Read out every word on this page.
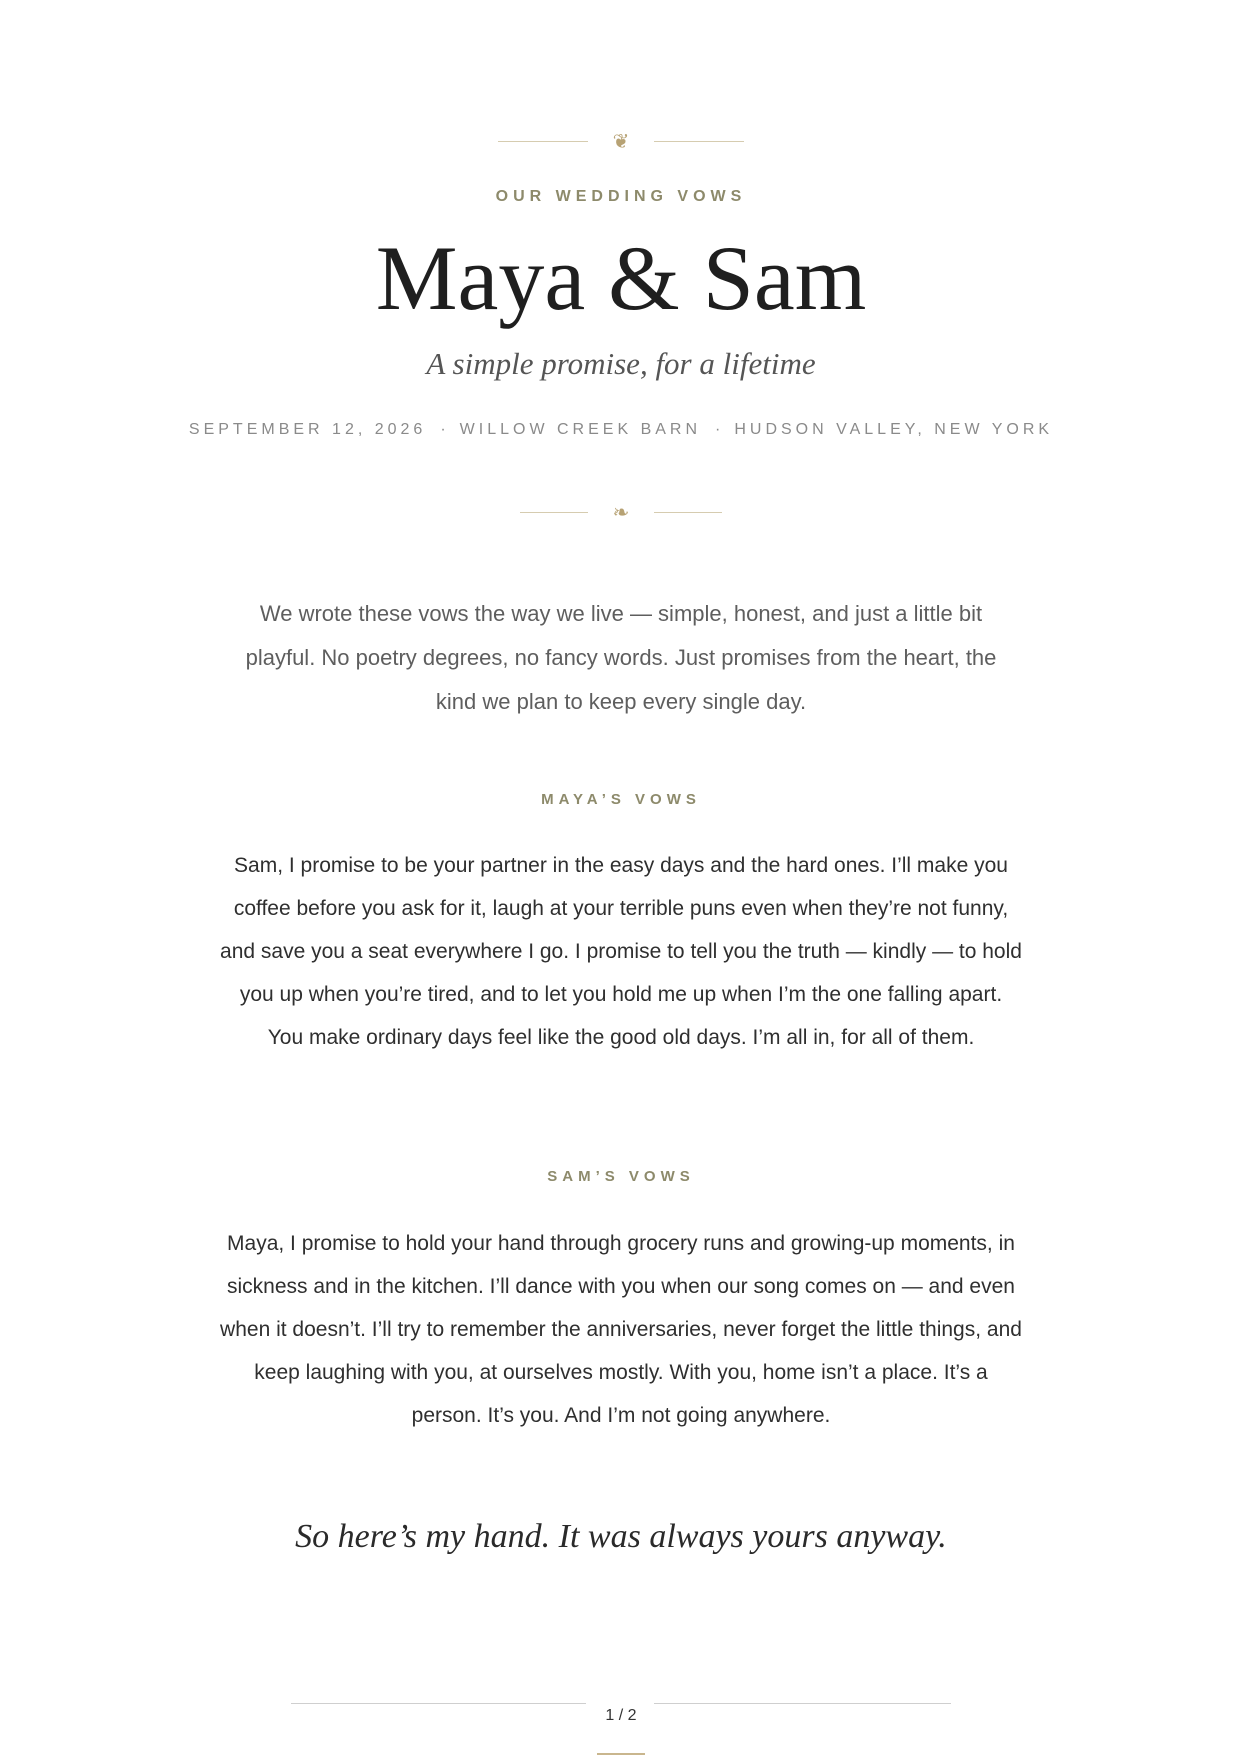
❦
OUR WEDDING VOWS
Maya & Sam
A simple promise, for a lifetime
SEPTEMBER 12, 2026 · WILLOW CREEK BARN · HUDSON VALLEY, NEW YORK
❧
We wrote these vows the way we live — simple, honest, and just a little bit playful. No poetry degrees, no fancy words. Just promises from the heart, the kind we plan to keep every single day.
MAYA’S VOWS
Sam, I promise to be your partner in the easy days and the hard ones. I’ll make you coffee before you ask for it, laugh at your terrible puns even when they’re not funny, and save you a seat everywhere I go. I promise to tell you the truth — kindly — to hold you up when you’re tired, and to let you hold me up when I’m the one falling apart. You make ordinary days feel like the good old days. I’m all in, for all of them.
SAM’S VOWS
Maya, I promise to hold your hand through grocery runs and growing-up moments, in sickness and in the kitchen. I’ll dance with you when our song comes on — and even when it doesn’t. I’ll try to remember the anniversaries, never forget the little things, and keep laughing with you, at ourselves mostly. With you, home isn’t a place. It’s a person. It’s you. And I’m not going anywhere.
So here’s my hand. It was always yours anyway.
1 / 2
